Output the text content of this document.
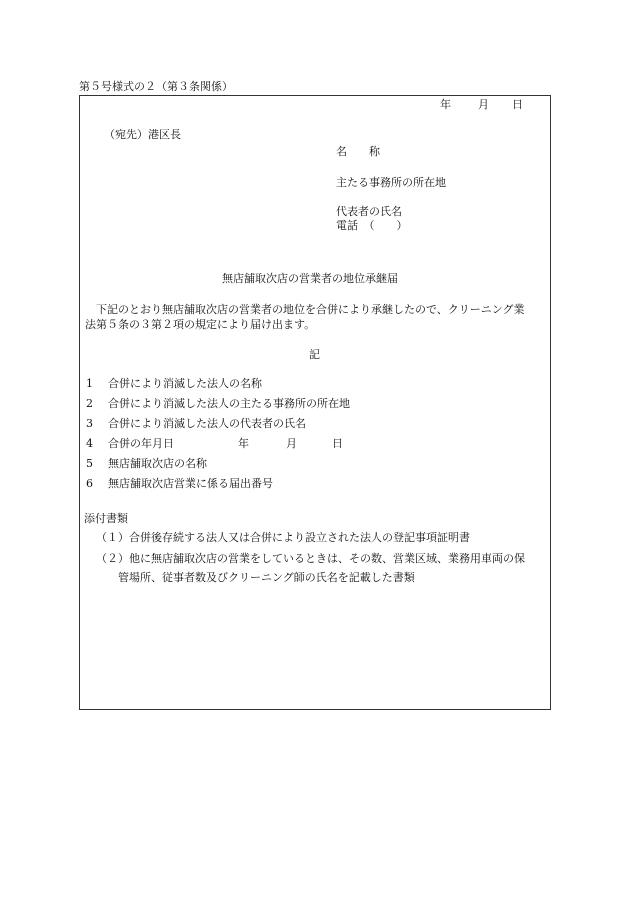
第５号様式の２（第３条関係）
年 月 日
（宛先）港区長
名　　称
主たる事務所の所在地
代表者の氏名
電話　（　　）
無店舗取次店の営業者の地位承継届
下記のとおり無店舗取次店の営業者の地位を合併により承継したので、クリーニング業
法第５条の３第２項の規定により届け出ます。
記
1 合併により消滅した法人の名称
2 合併により消滅した法人の主たる事務所の所在地
3 合併により消滅した法人の代表者の氏名
4 合併の年月日	年	月	日
5 無店舗取次店の名称
6 無店舗取次店営業に係る届出番号
添付書類
（１）合併後存続する法人又は合併により設立された法人の登記事項証明書
（２）他に無店舗取次店の営業をしているときは、その数、営業区域、業務用車両の保
管場所、従事者数及びクリーニング師の氏名を記載した書類
